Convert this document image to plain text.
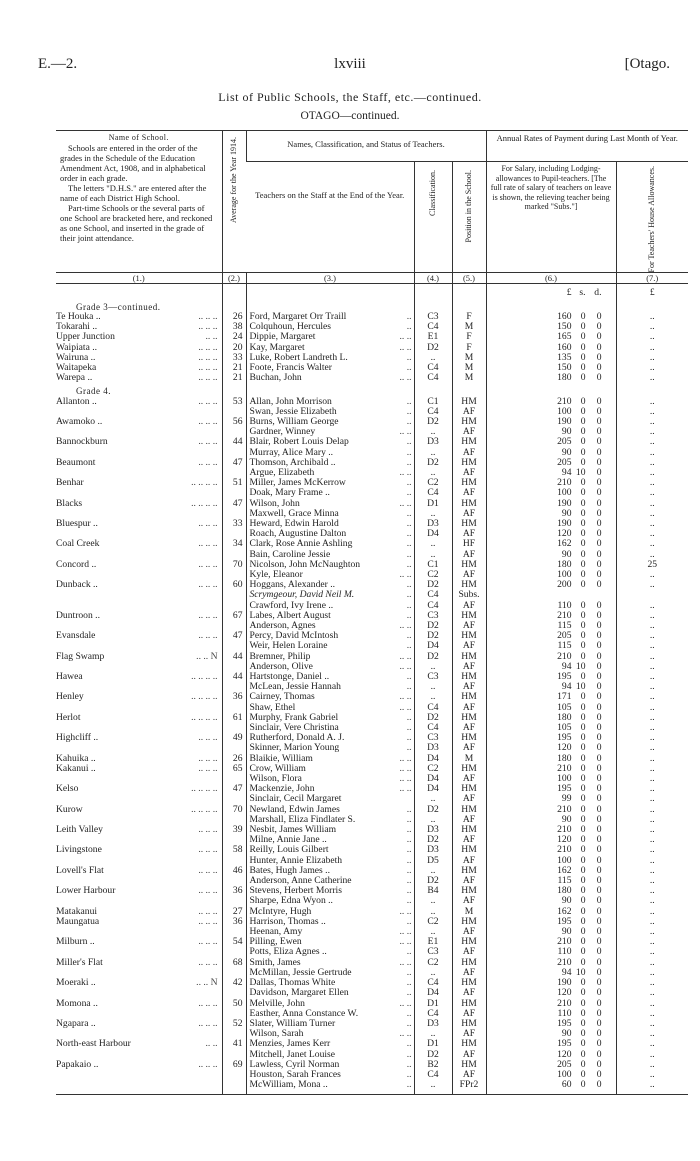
E.—2.	lxviii	[Otago.
List of Public Schools, the Staff, etc.—continued.
OTAGO—continued.
Name of School.
Schools are entered in the order of the grades in the Schedule of the Education Amendment Act, 1908, and in alphabetical order in each grade.
The letters "D.H.S." are entered after the name of each District High School.
Part-time Schools or the several parts of one School are bracketed here, and reckoned as one School, and inserted in the grade of their joint attendance.	Average for the Year 1914.	Names, Classification, and Status of Teachers.			Annual Rates of Payment during Last Month of Year.	
		Teachers on the Staff at the End of the Year.	Classification.	Position in the School.	For Salary, including Lodging-allowances to Pupil-teachers. [The full rate of salary of teachers on leave is shown, the relieving teacher being marked "Subs."]	For Teachers' House Allowances.

(1.)	(2.)	(3.)	(4.)	(5.)	(6.)	(7.)
					£ s. d.	£
Grade 3—continued.						
Te Houka .. .. .. ..	26	Ford, Margaret Orr Traill ..	C3	F	160 0 0	..
Tokarahi .. .. .. ..	38	Colquhoun, Hercules ..	C4	M	150 0 0	..
Upper Junction .. ..	24	Dippie, Margaret .. ..	E1	F	165 0 0	..
Waipiata .. .. .. ..	20	Kay, Margaret .. ..	D2	F	160 0 0	..
Wairuna .. .. .. ..	33	Luke, Robert Landreth L. ..	..	M	135 0 0	..
Waitapeka .. .. ..	21	Foote, Francis Walter ..	C4	M	150 0 0	..
Warepa .. .. .. ..	21	Buchan, John .. ..	C4	M	180 0 0	..
Grade 4.						
Allanton .. .. .. ..	53	Allan, John Morrison ..	C1	HM	210 0 0	..
		Swan, Jessie Elizabeth ..	C4	AF	100 0 0	..
Awamoko .. .. .. ..	56	Burns, William George ..	D2	HM	190 0 0	..
		Gardner, Winney .. ..	..	AF	90 0 0	..
Bannockburn .. .. ..	44	Blair, Robert Louis Delap ..	D3	HM	205 0 0	..
		Murray, Alice Mary .. ..	..	AF	90 0 0	..
Beaumont .. .. ..	47	Thomson, Archibald .. ..	D2	HM	205 0 0	..
		Argue, Elizabeth .. ..	..	AF	94 10 0	..
Benhar .. .. .. ..	51	Miller, James McKerrow ..	C2	HM	210 0 0	..
		Doak, Mary Frame .. ..	C4	AF	100 0 0	..
Blacks .. .. .. ..	47	Wilson, John .. ..	D1	HM	190 0 0	..
		Maxwell, Grace Minna ..	..	AF	90 0 0	..
Bluespur .. .. .. ..	33	Heward, Edwin Harold ..	D3	HM	190 0 0	..
		Roach, Augustine Dalton ..	D4	AF	120 0 0	..
Coal Creek .. .. ..	34	Clark, Rose Annie Ashling ..	..	HF	162 0 0	..
		Bain, Caroline Jessie ..	..	AF	90 0 0	..
Concord .. .. .. ..	70	Nicolson, John McNaughton ..	C1	HM	180 0 0	25
		Kyle, Eleanor .. ..	C2	AF	100 0 0	..
Dunback .. .. .. ..	60	Hoggans, Alexander .. ..	D2	HM	200 0 0	..
		Scrymgeour, David Neil M. ..	C4	Subs.		
		Crawford, Ivy Irene .. ..	C4	AF	110 0 0	..
Duntroon .. .. .. ..	67	Labes, Albert August ..	C3	HM	210 0 0	..
		Anderson, Agnes .. ..	D2	AF	115 0 0	..
Evansdale .. .. ..	47	Percy, David McIntosh ..	D2	HM	205 0 0	..
		Weir, Helen Loraine ..	D4	AF	115 0 0	..
Flag Swamp .. .. N	44	Bremner, Philip .. ..	D2	HM	210 0 0	..
		Anderson, Olive .. ..	..	AF	94 10 0	..
Hawea .. .. .. ..	44	Hartstonge, Daniel .. ..	C3	HM	195 0 0	..
		McLean, Jessie Hannah ..	..	AF	94 10 0	..
Henley .. .. .. ..	36	Cairney, Thomas .. ..	..	HM	171 0 0	..
		Shaw, Ethel .. ..	C4	AF	105 0 0	..
Herlot .. .. .. ..	61	Murphy, Frank Gabriel ..	D2	HM	180 0 0	..
		Sinclair, Vere Christina ..	C4	AF	105 0 0	..
Highcliff .. .. .. ..	49	Rutherford, Donald A. J. ..	C3	HM	195 0 0	..
		Skinner, Marion Young ..	D3	AF	120 0 0	..
Kahuika .. .. .. ..	26	Blaikie, William .. ..	D4	M	180 0 0	..
Kakanui .. .. .. ..	65	Crow, William .. ..	C2	HM	210 0 0	..
		Wilson, Flora .. ..	D4	AF	100 0 0	..
Kelso .. .. .. ..	47	Mackenzie, John .. ..	D4	HM	195 0 0	..
		Sinclair, Cecil Margaret	..	AF	99 0 0	..
Kurow .. .. .. ..	70	Newland, Edwin James ..	D2	HM	210 0 0	..
		Marshall, Eliza Findlater S. ..	..	AF	90 0 0	..
Leith Valley .. .. ..	39	Nesbit, James William ..	D3	HM	210 0 0	..
		Milne, Annie Jane .. ..	D2	AF	120 0 0	..
Livingstone .. .. ..	58	Reilly, Louis Gilbert ..	D3	HM	210 0 0	..
		Hunter, Annie Elizabeth ..	D5	AF	100 0 0	..
Lovell's Flat .. .. ..	46	Bates, Hugh James .. ..	..	HM	162 0 0	..
		Anderson, Anne Catherine ..	D2	AF	115 0 0	..
Lower Harbour .. .. ..	36	Stevens, Herbert Morris ..	B4	HM	180 0 0	..
		Sharpe, Edna Wyon .. ..	..	AF	90 0 0	..
Matakanui .. .. ..	27	McIntyre, Hugh .. ..	..	M	162 0 0	..
Maungatua .. .. ..	36	Harrison, Thomas .. ..	C2	HM	195 0 0	..
		Heenan, Amy .. ..	..	AF	90 0 0	..
Milburn .. .. .. ..	54	Pilling, Ewen .. ..	E1	HM	210 0 0	..
		Potts, Eliza Agnes .. ..	C3	AF	110 0 0	..
Miller's Flat .. .. ..	68	Smith, James .. ..	C2	HM	210 0 0	..
		McMillan, Jessie Gertrude ..	..	AF	94 10 0	..
Moeraki .. .. .. N	42	Dallas, Thomas White ..	C4	HM	190 0 0	..
		Davidson, Margaret Ellen ..	D4	AF	120 0 0	..
Momona .. .. .. ..	50	Melville, John .. ..	D1	HM	210 0 0	..
		Easther, Anna Constance W. ..	C4	AF	110 0 0	..
Ngapara .. .. .. ..	52	Slater, William Turner ..	D3	HM	195 0 0	..
		Wilson, Sarah .. ..	..	AF	90 0 0	..
North-east Harbour .. ..	41	Menzies, James Kerr ..	D1	HM	195 0 0	..
		Mitchell, Janet Louise ..	D2	AF	120 0 0	..
Papakaio .. .. .. ..	69	Lawless, Cyril Norman ..	B2	HM	205 0 0	..
		Houston, Sarah Frances ..	C4	AF	100 0 0	..
		McWilliam, Mona .. ..	..	FPr2	60 0 0	..
